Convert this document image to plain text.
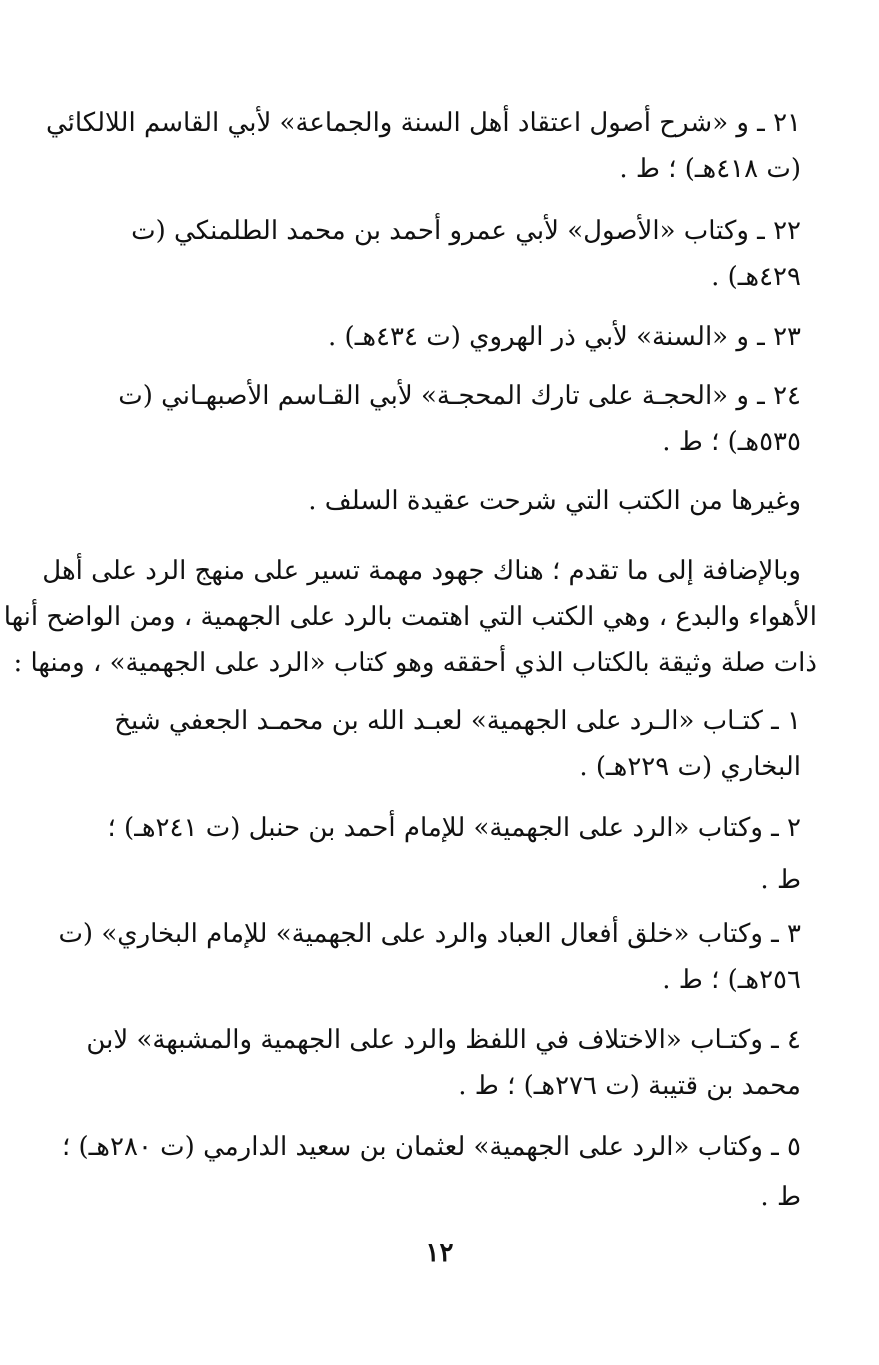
٢١ ـ و «شرح أصول اعتقاد أهل السنة والجماعة» لأبي القاسم اللالكائي
(ت ٤١٨هـ) ؛ ط .
٢٢ ـ وكتاب «الأصول» لأبي عمرو أحمد بن محمد الطلمنكي (ت
٤٢٩هـ) .
٢٣ ـ و «السنة» لأبي ذر الهروي (ت ٤٣٤هـ) .
٢٤ ـ و «الحجـة على تارك المحجـة» لأبي القـاسم الأصبهـاني (ت
٥٣٥هـ) ؛ ط .
وغيرها من الكتب التي شرحت عقيدة السلف .
وبالإضافة إلى ما تقدم ؛ هناك جهود مهمة تسير على منهج الرد على أهل
الأهواء والبدع ، وهي الكتب التي اهتمت بالرد على الجهمية ، ومن الواضح أنها
ذات صلة وثيقة بالكتاب الذي أحققه وهو كتاب «الرد على الجهمية» ، ومنها :
١ ـ كتـاب «الـرد على الجهمية» لعبـد الله بن محمـد الجعفي شيخ
البخاري (ت ٢٢٩هـ) .
٢ ـ وكتاب «الرد على الجهمية» للإمام أحمد بن حنبل (ت ٢٤١هـ) ؛
ط .
٣ ـ وكتاب «خلق أفعال العباد والرد على الجهمية» للإمام البخاري» (ت
٢٥٦هـ) ؛ ط .
٤ ـ وكتـاب «الاختلاف في اللفظ والرد على الجهمية والمشبهة» لابن
محمد بن قتيبة (ت ٢٧٦هـ) ؛ ط .
٥ ـ وكتاب «الرد على الجهمية» لعثمان بن سعيد الدارمي (ت ٢٨٠هـ) ؛
ط .
١٢
